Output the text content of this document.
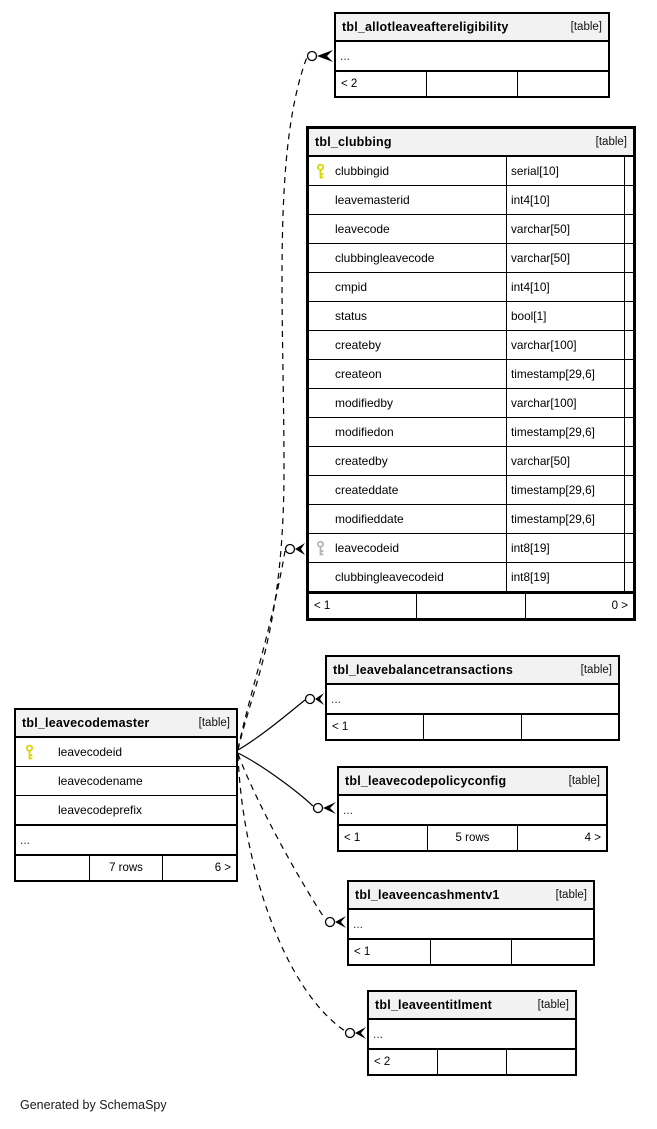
tbl_allotleaveaftereligibility	[table]
...
< 2
tbl_clubbing	[table]
clubbingid	serial[10]
leavemasterid	int4[10]
leavecode	varchar[50]
clubbingleavecode	varchar[50]
cmpid	int4[10]
status	bool[1]
createby	varchar[100]
createon	timestamp[29,6]
modifiedby	varchar[100]
modifiedon	timestamp[29,6]
createdby	varchar[50]
createddate	timestamp[29,6]
modifieddate	timestamp[29,6]
leavecodeid	int8[19]
clubbingleavecodeid	int8[19]
< 1	0 >
tbl_leavecodemaster	[table]
leavecodeid
leavecodename
leavecodeprefix
...
7 rows	6 >
tbl_leavebalancetransactions	[table]
...
< 1
tbl_leavecodepolicyconfig	[table]
...
< 1	5 rows	4 >
tbl_leaveencashmentv1	[table]
...
< 1
tbl_leaveentitlment	[table]
...
< 2
Generated by SchemaSpy
